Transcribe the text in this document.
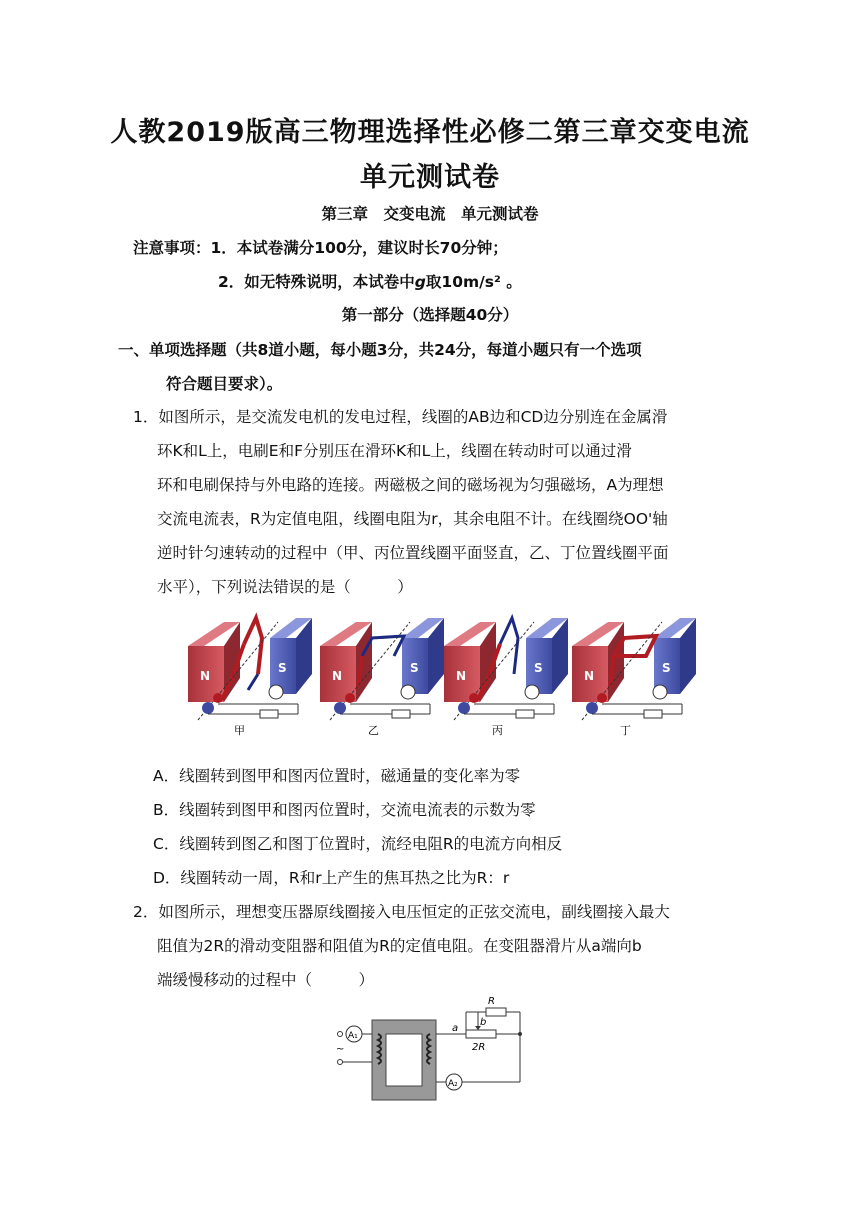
人教2019版高三物理选择性必修二第三章交变电流
单元测试卷
第三章　交变电流　单元测试卷
注意事项：1．本试卷满分100分，建议时长70分钟；
2．如无特殊说明，本试卷中g取10m/s² 。
第一部分（选择题40分）
一、单项选择题（共8道小题，每小题3分，共24分，每道小题只有一个选项
符合题目要求）。
1．如图所示，是交流发电机的发电过程，线圈的AB边和CD边分别连在金属滑
环K和L上，电刷E和F分别压在滑环K和L上，线圈在转动时可以通过滑
环和电刷保持与外电路的连接。两磁极之间的磁场视为匀强磁场，A为理想
交流电流表，R为定值电阻，线圈电阻为r，其余电阻不计。在线圈绕OO'轴
逆时针匀速转动的过程中（甲、丙位置线圈平面竖直，乙、丁位置线圈平面
水平），下列说法错误的是（　　　）
N
S
N
S
N
S
N
S
甲	乙	丙	丁
A．线圈转到图甲和图丙位置时，磁通量的变化率为零
B．线圈转到图甲和图丙位置时，交流电流表的示数为零
C．线圈转到图乙和图丁位置时，流经电阻R的电流方向相反
D．线圈转动一周，R和r上产生的焦耳热之比为R：r
2．如图所示，理想变压器原线圈接入电压恒定的正弦交流电，副线圈接入最大
阻值为2R的滑动变阻器和阻值为R的定值电阻。在变阻器滑片从a端向b
端缓慢移动的过程中（　　　）
~
A₁
R
a
b
2R
A₂
